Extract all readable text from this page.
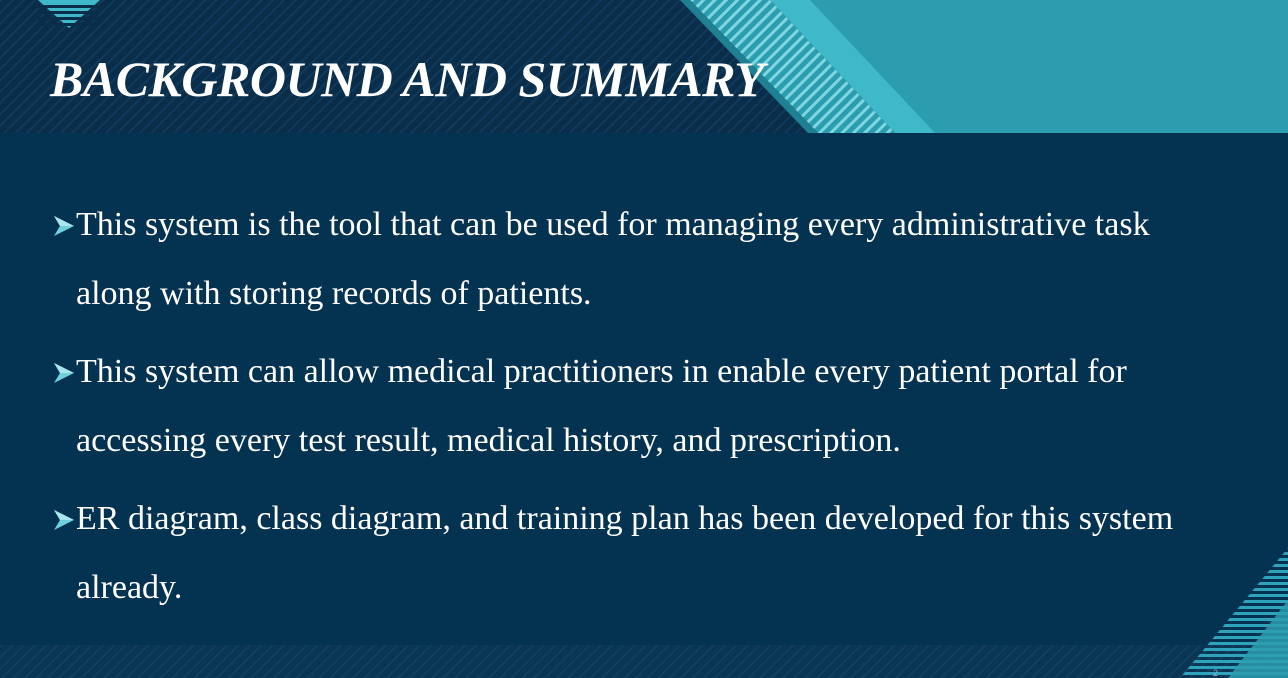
BACKGROUND AND SUMMARY
This system is the tool that can be used for managing every administrative task along with storing records of patients.
This system can allow medical practitioners in enable every patient portal for accessing every test result, medical history, and prescription.
ER diagram, class diagram, and training plan has been developed for this system already.
2
